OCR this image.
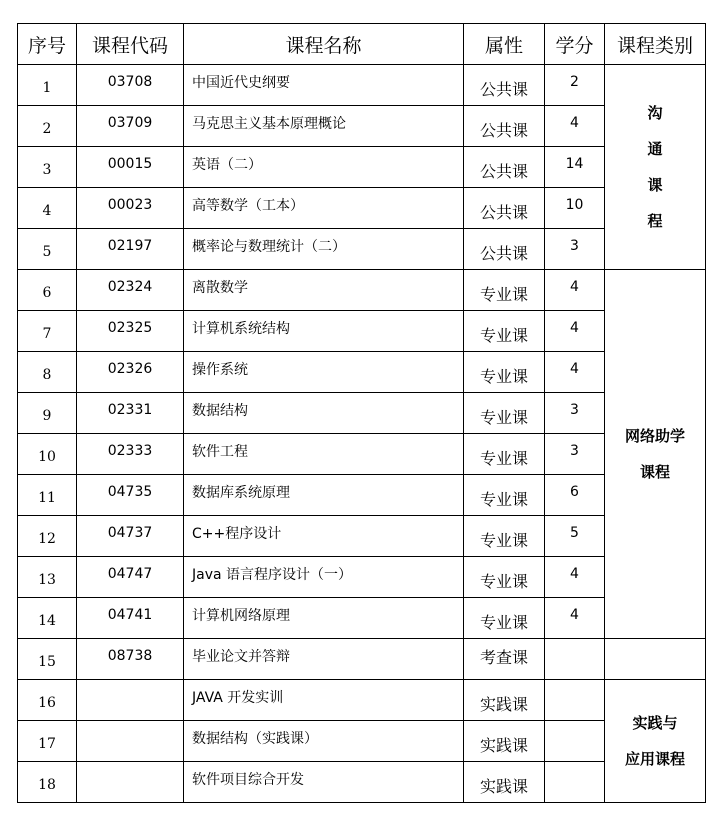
序号	课程代码	课程名称	属性	学分	课程类别
1	03708	中国近代史纲要	公共课	2	沟
通
课
程

2	03709	马克思主义基本原理概论	公共课	4	
3	00015	英语（二）	公共课	14	
4	00023	高等数学（工本）	公共课	10	
5	02197	概率论与数理统计（二）	公共课	3	
6	02324	离散数学	专业课	4	网络助学
课程

7	02325	计算机系统结构	专业课	4	
8	02326	操作系统	专业课	4	
9	02331	数据结构	专业课	3	
10	02333	软件工程	专业课	3	
11	04735	数据库系统原理	专业课	6	
12	04737	C++程序设计	专业课	5	
13	04747	Java 语言程序设计（一）	专业课	4	
14	04741	计算机网络原理	专业课	4	
15	08738	毕业论文并答辩	考查课		
16		JAVA 开发实训	实践课		实践与
应用课程

17		数据结构（实践课）	实践课		
18		软件项目综合开发	实践课		
